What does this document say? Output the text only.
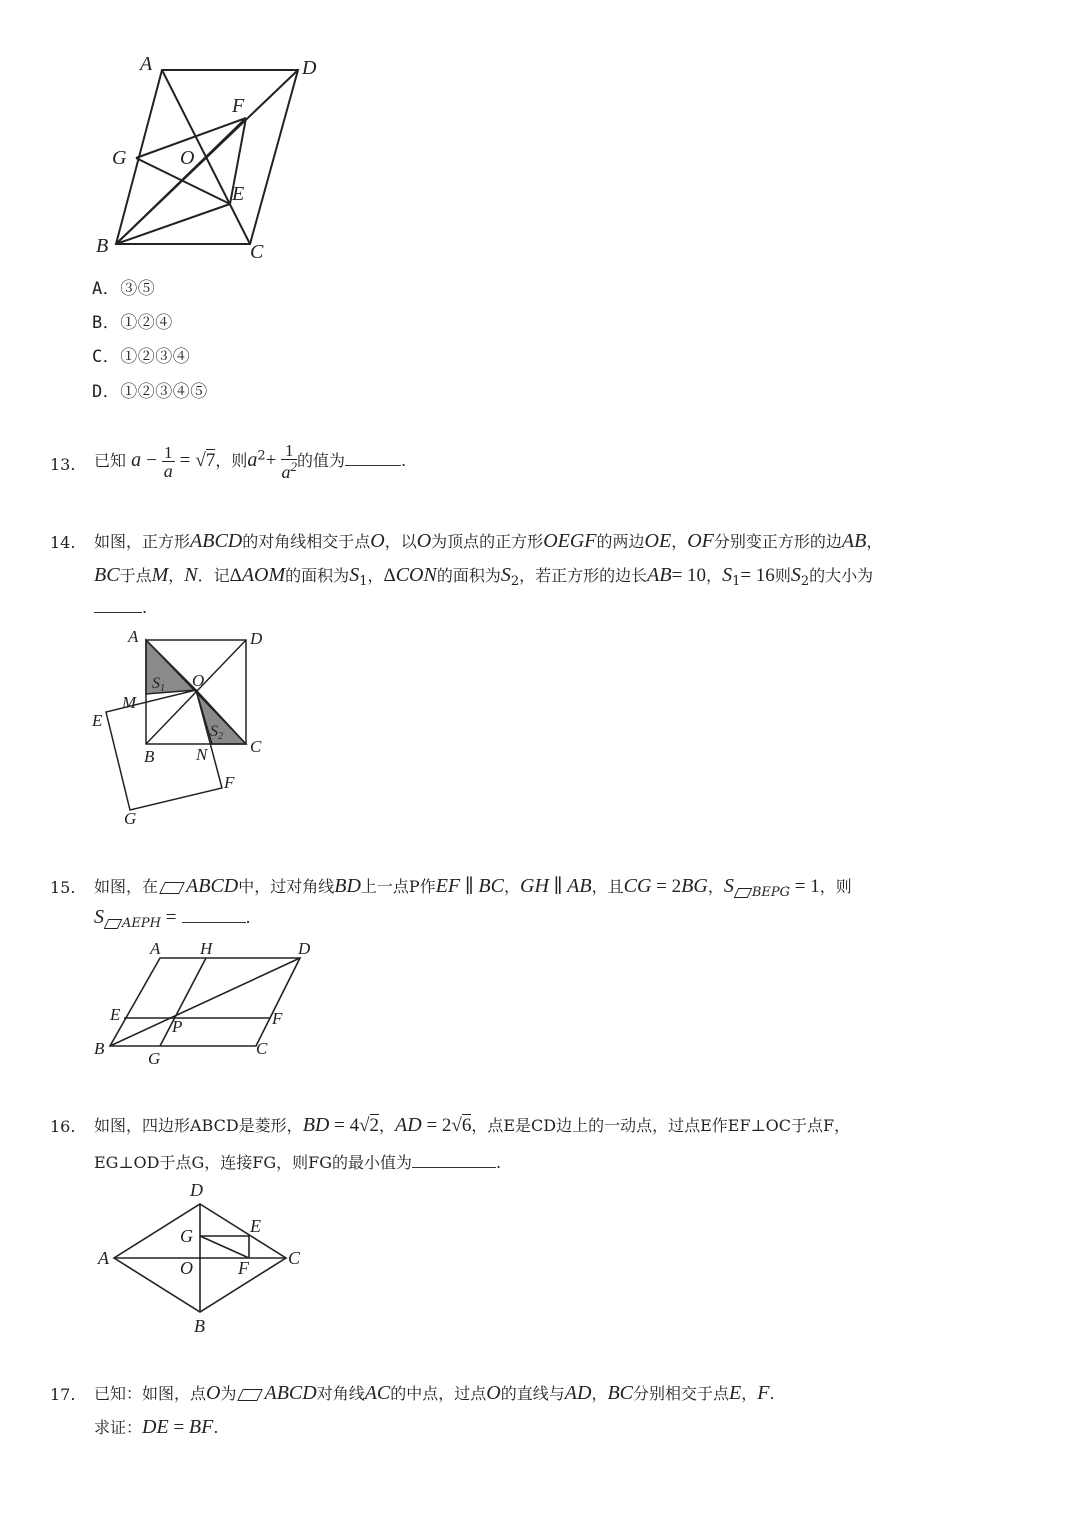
A	D
F
G	O
E
B	C
A．③⑤
B．①②④
C．①②③④
D．①②③④⑤
13. 已知 $a - \frac{1}{a} = √7$，则$a^2+ \frac{1}{a^2}$ 的值为	.
14. 如图，正方形ABCD的对角线相交于点O，以O为顶点的正方形OEGF的两边OE，OF分别变正方形的边AB，
BC于点M，N．记ΔAOM的面积为$S_1$，ΔCON的面积为$S_2$，若正方形的边长AB= 10，$S_1= 16$则$S_2$的大小为
.
A	D
S1 O
M
E
S2
C
B N
F
G
15. 如图，在 ABCD中，过对角线BD上一点P作EF ∥ BC，GH ∥ AB，且CG = 2BG，S $_{BEPG}$ = 1，则
S $_{AEPH}$ =	.
A H	D
E
P	F
B
G
C
16. 如图，四边形ABCD是菱形，BD = 4√2，AD = 2√6，点E是CD边上的一动点，过点E作EF⊥OC于点F，
EG⊥OD于点G，连接FG，则FG的最小值为	.
D
G	E
A	O	F C
B
17. 已知：如图，点O为 ABCD对角线AC的中点，过点O的直线与AD，BC分别相交于点E，F.
求证：DE = BF.
